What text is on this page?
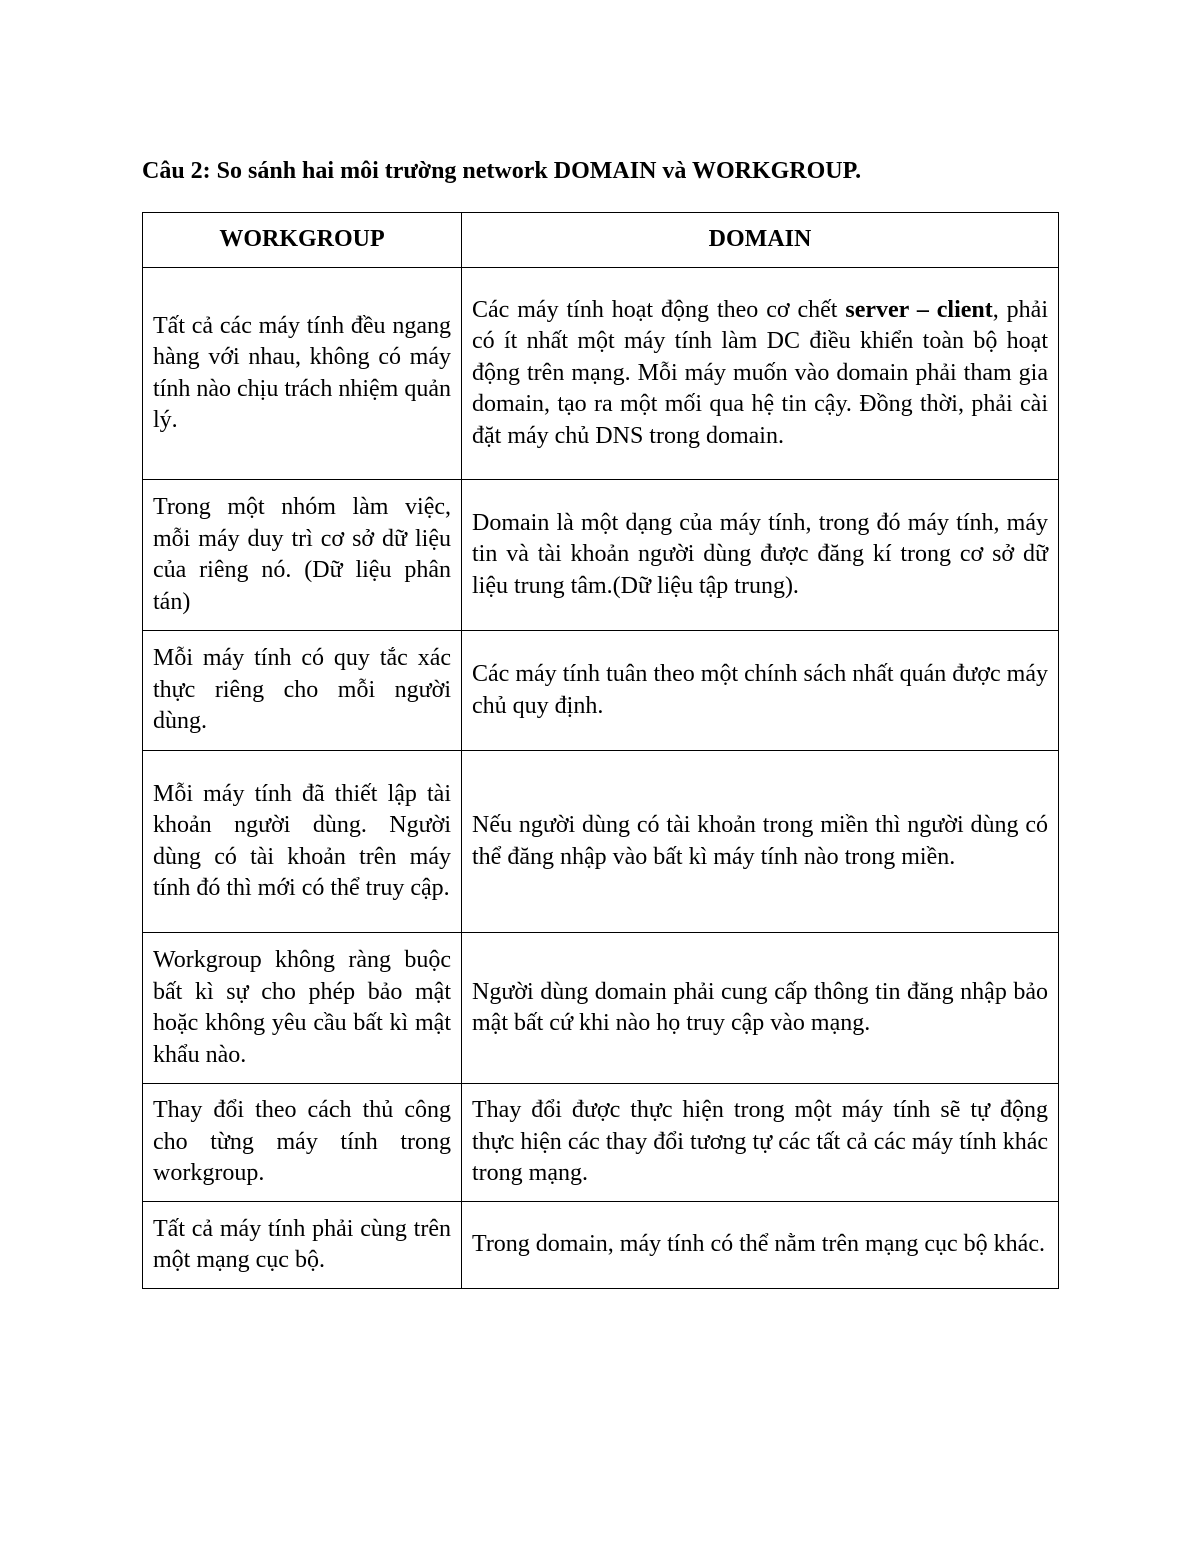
Câu 2: So sánh hai môi trường network DOMAIN và WORKGROUP.
WORKGROUP	DOMAIN
Tất cả các máy tính đều ngang hàng với nhau, không có máy tính nào chịu trách nhiệm quản lý.	Các máy tính hoạt động theo cơ chết server – client, phải có ít nhất một máy tính làm DC điều khiển toàn bộ hoạt động trên mạng. Mỗi máy muốn vào domain phải tham gia domain, tạo ra một mối qua hệ tin cậy. Đồng thời, phải cài đặt máy chủ DNS trong domain.
Trong một nhóm làm việc, mỗi máy duy trì cơ sở dữ liệu của riêng nó. (Dữ liệu phân tán)	Domain là một dạng của máy tính, trong đó máy tính, máy tin và tài khoản người dùng được đăng kí trong cơ sở dữ liệu trung tâm.(Dữ liệu tập trung).
Mỗi máy tính có quy tắc xác thực riêng cho mỗi người dùng.	Các máy tính tuân theo một chính sách nhất quán được máy chủ quy định.
Mỗi máy tính đã thiết lập tài khoản người dùng. Người dùng có tài khoản trên máy tính đó thì mới có thể truy cập.	Nếu người dùng có tài khoản trong miền thì người dùng có thể đăng nhập vào bất kì máy tính nào trong miền.
Workgroup không ràng buộc bất kì sự cho phép bảo mật hoặc không yêu cầu bất kì mật khẩu nào.	Người dùng domain phải cung cấp thông tin đăng nhập bảo mật bất cứ khi nào họ truy cập vào mạng.
Thay đổi theo cách thủ công cho từng máy tính trong workgroup.	Thay đổi được thực hiện trong một máy tính sẽ tự động thực hiện các thay đổi tương tự các tất cả các máy tính khác trong mạng.
Tất cả máy tính phải cùng trên một mạng cục bộ.	Trong domain, máy tính có thể nằm trên mạng cục bộ khác.
